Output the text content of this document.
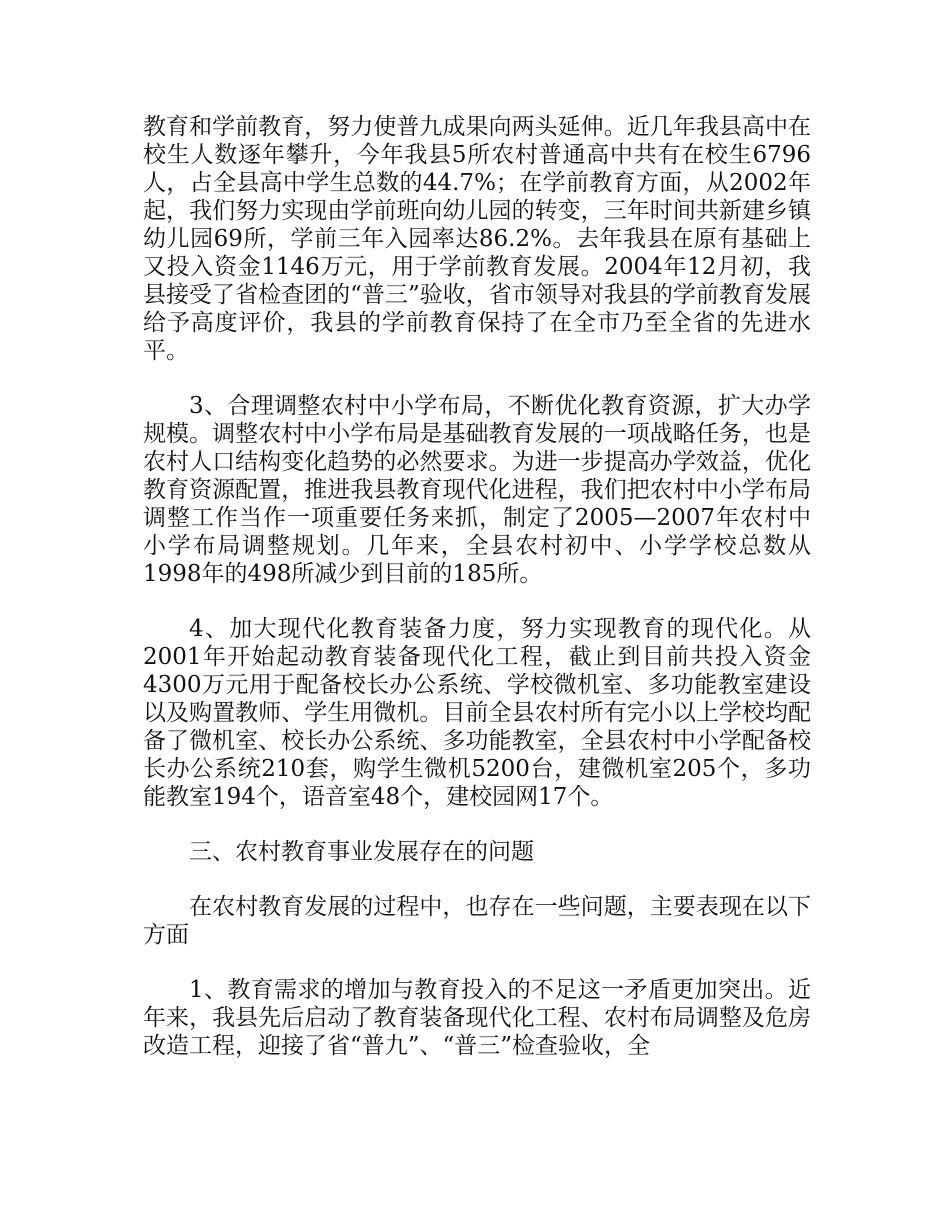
教育和学前教育，努力使普九成果向两头延伸。近几年我县高中在校生人数逐年攀升，今年我县5所农村普通高中共有在校生6796人，占全县高中学生总数的44.7%；在学前教育方面，从2002年起，我们努力实现由学前班向幼儿园的转变，三年时间共新建乡镇幼儿园69所，学前三年入园率达86.2%。去年我县在原有基础上又投入资金1146万元，用于学前教育发展。2004年12月初，我县接受了省检查团的“普三”验收，省市领导对我县的学前教育发展给予高度评价，我县的学前教育保持了在全市乃至全省的先进水平。

3、合理调整农村中小学布局，不断优化教育资源，扩大办学规模。调整农村中小学布局是基础教育发展的一项战略任务，也是农村人口结构变化趋势的必然要求。为进一步提高办学效益，优化教育资源配置，推进我县教育现代化进程，我们把农村中小学布局调整工作当作一项重要任务来抓，制定了2005—2007年农村中小学布局调整规划。几年来，全县农村初中、小学学校总数从1998年的498所减少到目前的185所。

4、加大现代化教育装备力度，努力实现教育的现代化。从2001年开始起动教育装备现代化工程，截止到目前共投入资金4300万元用于配备校长办公系统、学校微机室、多功能教室建设以及购置教师、学生用微机。目前全县农村所有完小以上学校均配备了微机室、校长办公系统、多功能教室，全县农村中小学配备校长办公系统210套，购学生微机5200台，建微机室205个，多功能教室194个，语音室48个，建校园网17个。

三、农村教育事业发展存在的问题

在农村教育发展的过程中，也存在一些问题，主要表现在以下方面

1、教育需求的增加与教育投入的不足这一矛盾更加突出。近年来，我县先后启动了教育装备现代化工程、农村布局调整及危房改造工程，迎接了省“普九”、“普三”检查验收，全
